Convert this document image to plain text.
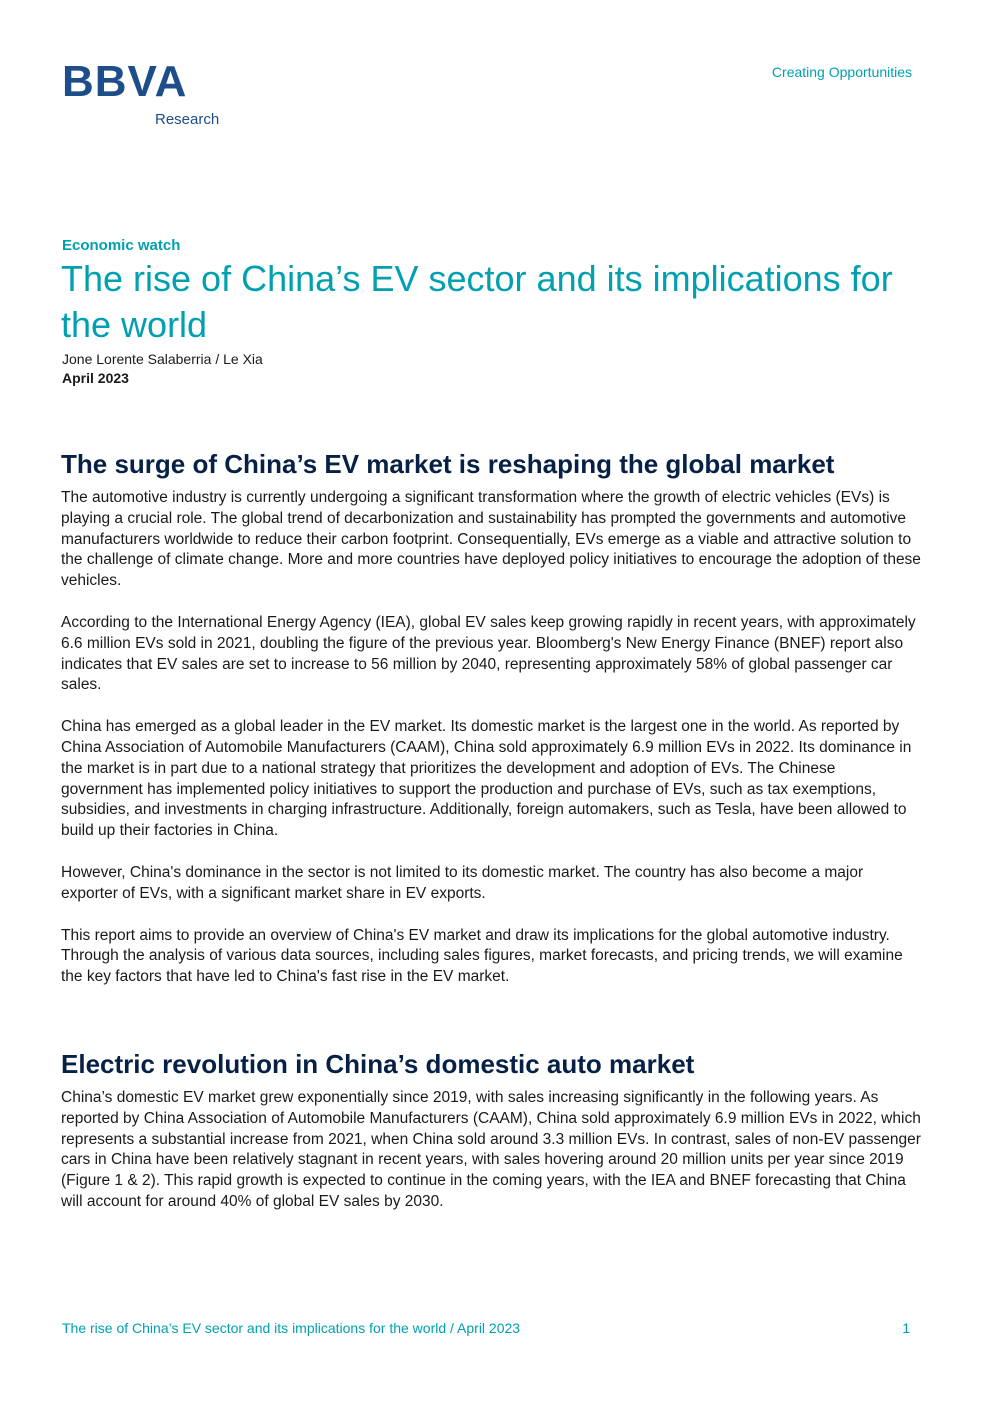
BBVA
Research
Creating Opportunities
Economic watch
The rise of China’s EV sector and its implications for the world
Jone Lorente Salaberria / Le Xia
April 2023
The surge of China’s EV market is reshaping the global market

The automotive industry is currently undergoing a significant transformation where the growth of electric vehicles (EVs) is playing a crucial role. The global trend of decarbonization and sustainability has prompted the governments and automotive manufacturers worldwide to reduce their carbon footprint. Consequentially, EVs emerge as a viable and attractive solution to the challenge of climate change. More and more countries have deployed policy initiatives to encourage the adoption of these vehicles.

According to the International Energy Agency (IEA), global EV sales keep growing rapidly in recent years, with approximately 6.6 million EVs sold in 2021, doubling the figure of the previous year. Bloomberg's New Energy Finance (BNEF) report also indicates that EV sales are set to increase to 56 million by 2040, representing approximately 58% of global passenger car sales.

China has emerged as a global leader in the EV market. Its domestic market is the largest one in the world. As reported by China Association of Automobile Manufacturers (CAAM), China sold approximately 6.9 million EVs in 2022. Its dominance in the market is in part due to a national strategy that prioritizes the development and adoption of EVs. The Chinese government has implemented policy initiatives to support the production and purchase of EVs, such as tax exemptions, subsidies, and investments in charging infrastructure. Additionally, foreign automakers, such as Tesla, have been allowed to build up their factories in China.

However, China's dominance in the sector is not limited to its domestic market. The country has also become a major exporter of EVs, with a significant market share in EV exports.

This report aims to provide an overview of China's EV market and draw its implications for the global automotive industry. Through the analysis of various data sources, including sales figures, market forecasts, and pricing trends, we will examine the key factors that have led to China's fast rise in the EV market.

Electric revolution in China’s domestic auto market

China’s domestic EV market grew exponentially since 2019, with sales increasing significantly in the following years. As reported by China Association of Automobile Manufacturers (CAAM), China sold approximately 6.9 million EVs in 2022, which represents a substantial increase from 2021, when China sold around 3.3 million EVs. In contrast, sales of non-EV passenger cars in China have been relatively stagnant in recent years, with sales hovering around 20 million units per year since 2019 (Figure 1 & 2). This rapid growth is expected to continue in the coming years, with the IEA and BNEF forecasting that China will account for around 40% of global EV sales by 2030.

The rise of China’s EV sector and its implications for the world / April 2023	1
